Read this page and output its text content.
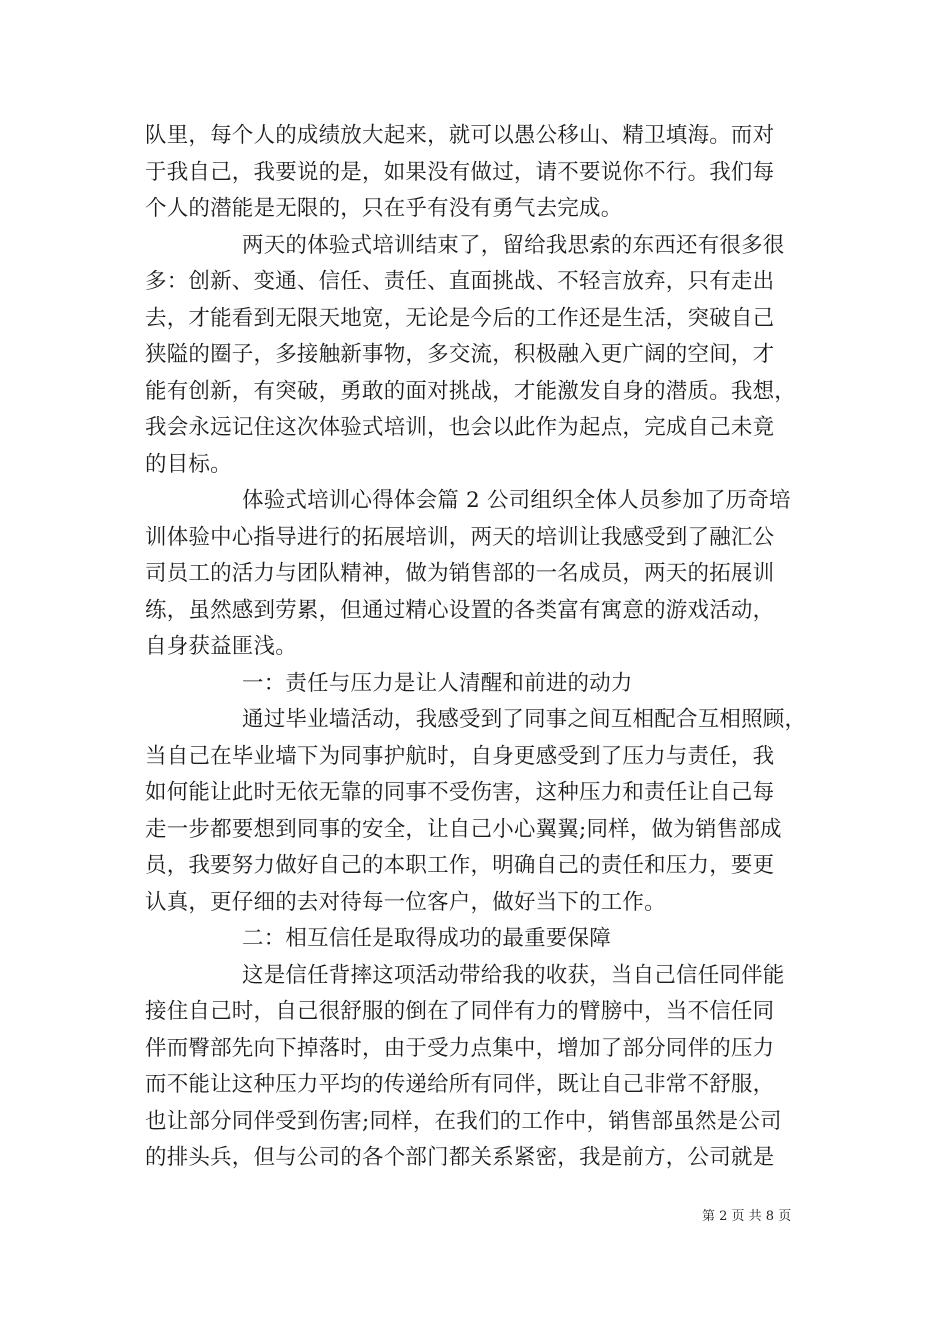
队里，每个人的成绩放大起来，就可以愚公移山、精卫填海。而对
于我自己，我要说的是，如果没有做过，请不要说你不行。我们每
个人的潜能是无限的，只在乎有没有勇气去完成。
两天的体验式培训结束了，留给我思索的东西还有很多很
多：创新、变通、信任、责任、直面挑战、不轻言放弃，只有走出
去，才能看到无限天地宽，无论是今后的工作还是生活，突破自己
狭隘的圈子，多接触新事物，多交流，积极融入更广阔的空间，才
能有创新，有突破，勇敢的面对挑战，才能激发自身的潜质。我想，
我会永远记住这次体验式培训，也会以此作为起点，完成自己未竟
的目标。
体验式培训心得体会篇 2 公司组织全体人员参加了历奇培
训体验中心指导进行的拓展培训，两天的培训让我感受到了融汇公
司员工的活力与团队精神，做为销售部的一名成员，两天的拓展训
练，虽然感到劳累，但通过精心设置的各类富有寓意的游戏活动，
自身获益匪浅。
一：责任与压力是让人清醒和前进的动力
通过毕业墙活动，我感受到了同事之间互相配合互相照顾，
当自己在毕业墙下为同事护航时，自身更感受到了压力与责任，我
如何能让此时无依无靠的同事不受伤害，这种压力和责任让自己每
走一步都要想到同事的安全，让自己小心翼翼;同样，做为销售部成
员，我要努力做好自己的本职工作，明确自己的责任和压力，要更
认真，更仔细的去对待每一位客户，做好当下的工作。
二：相互信任是取得成功的最重要保障
这是信任背摔这项活动带给我的收获，当自己信任同伴能
接住自己时，自己很舒服的倒在了同伴有力的臂膀中，当不信任同
伴而臀部先向下掉落时，由于受力点集中，增加了部分同伴的压力
而不能让这种压力平均的传递给所有同伴，既让自己非常不舒服，
也让部分同伴受到伤害;同样，在我们的工作中，销售部虽然是公司
的排头兵，但与公司的各个部门都关系紧密，我是前方，公司就是
第 2 页 共 8 页
